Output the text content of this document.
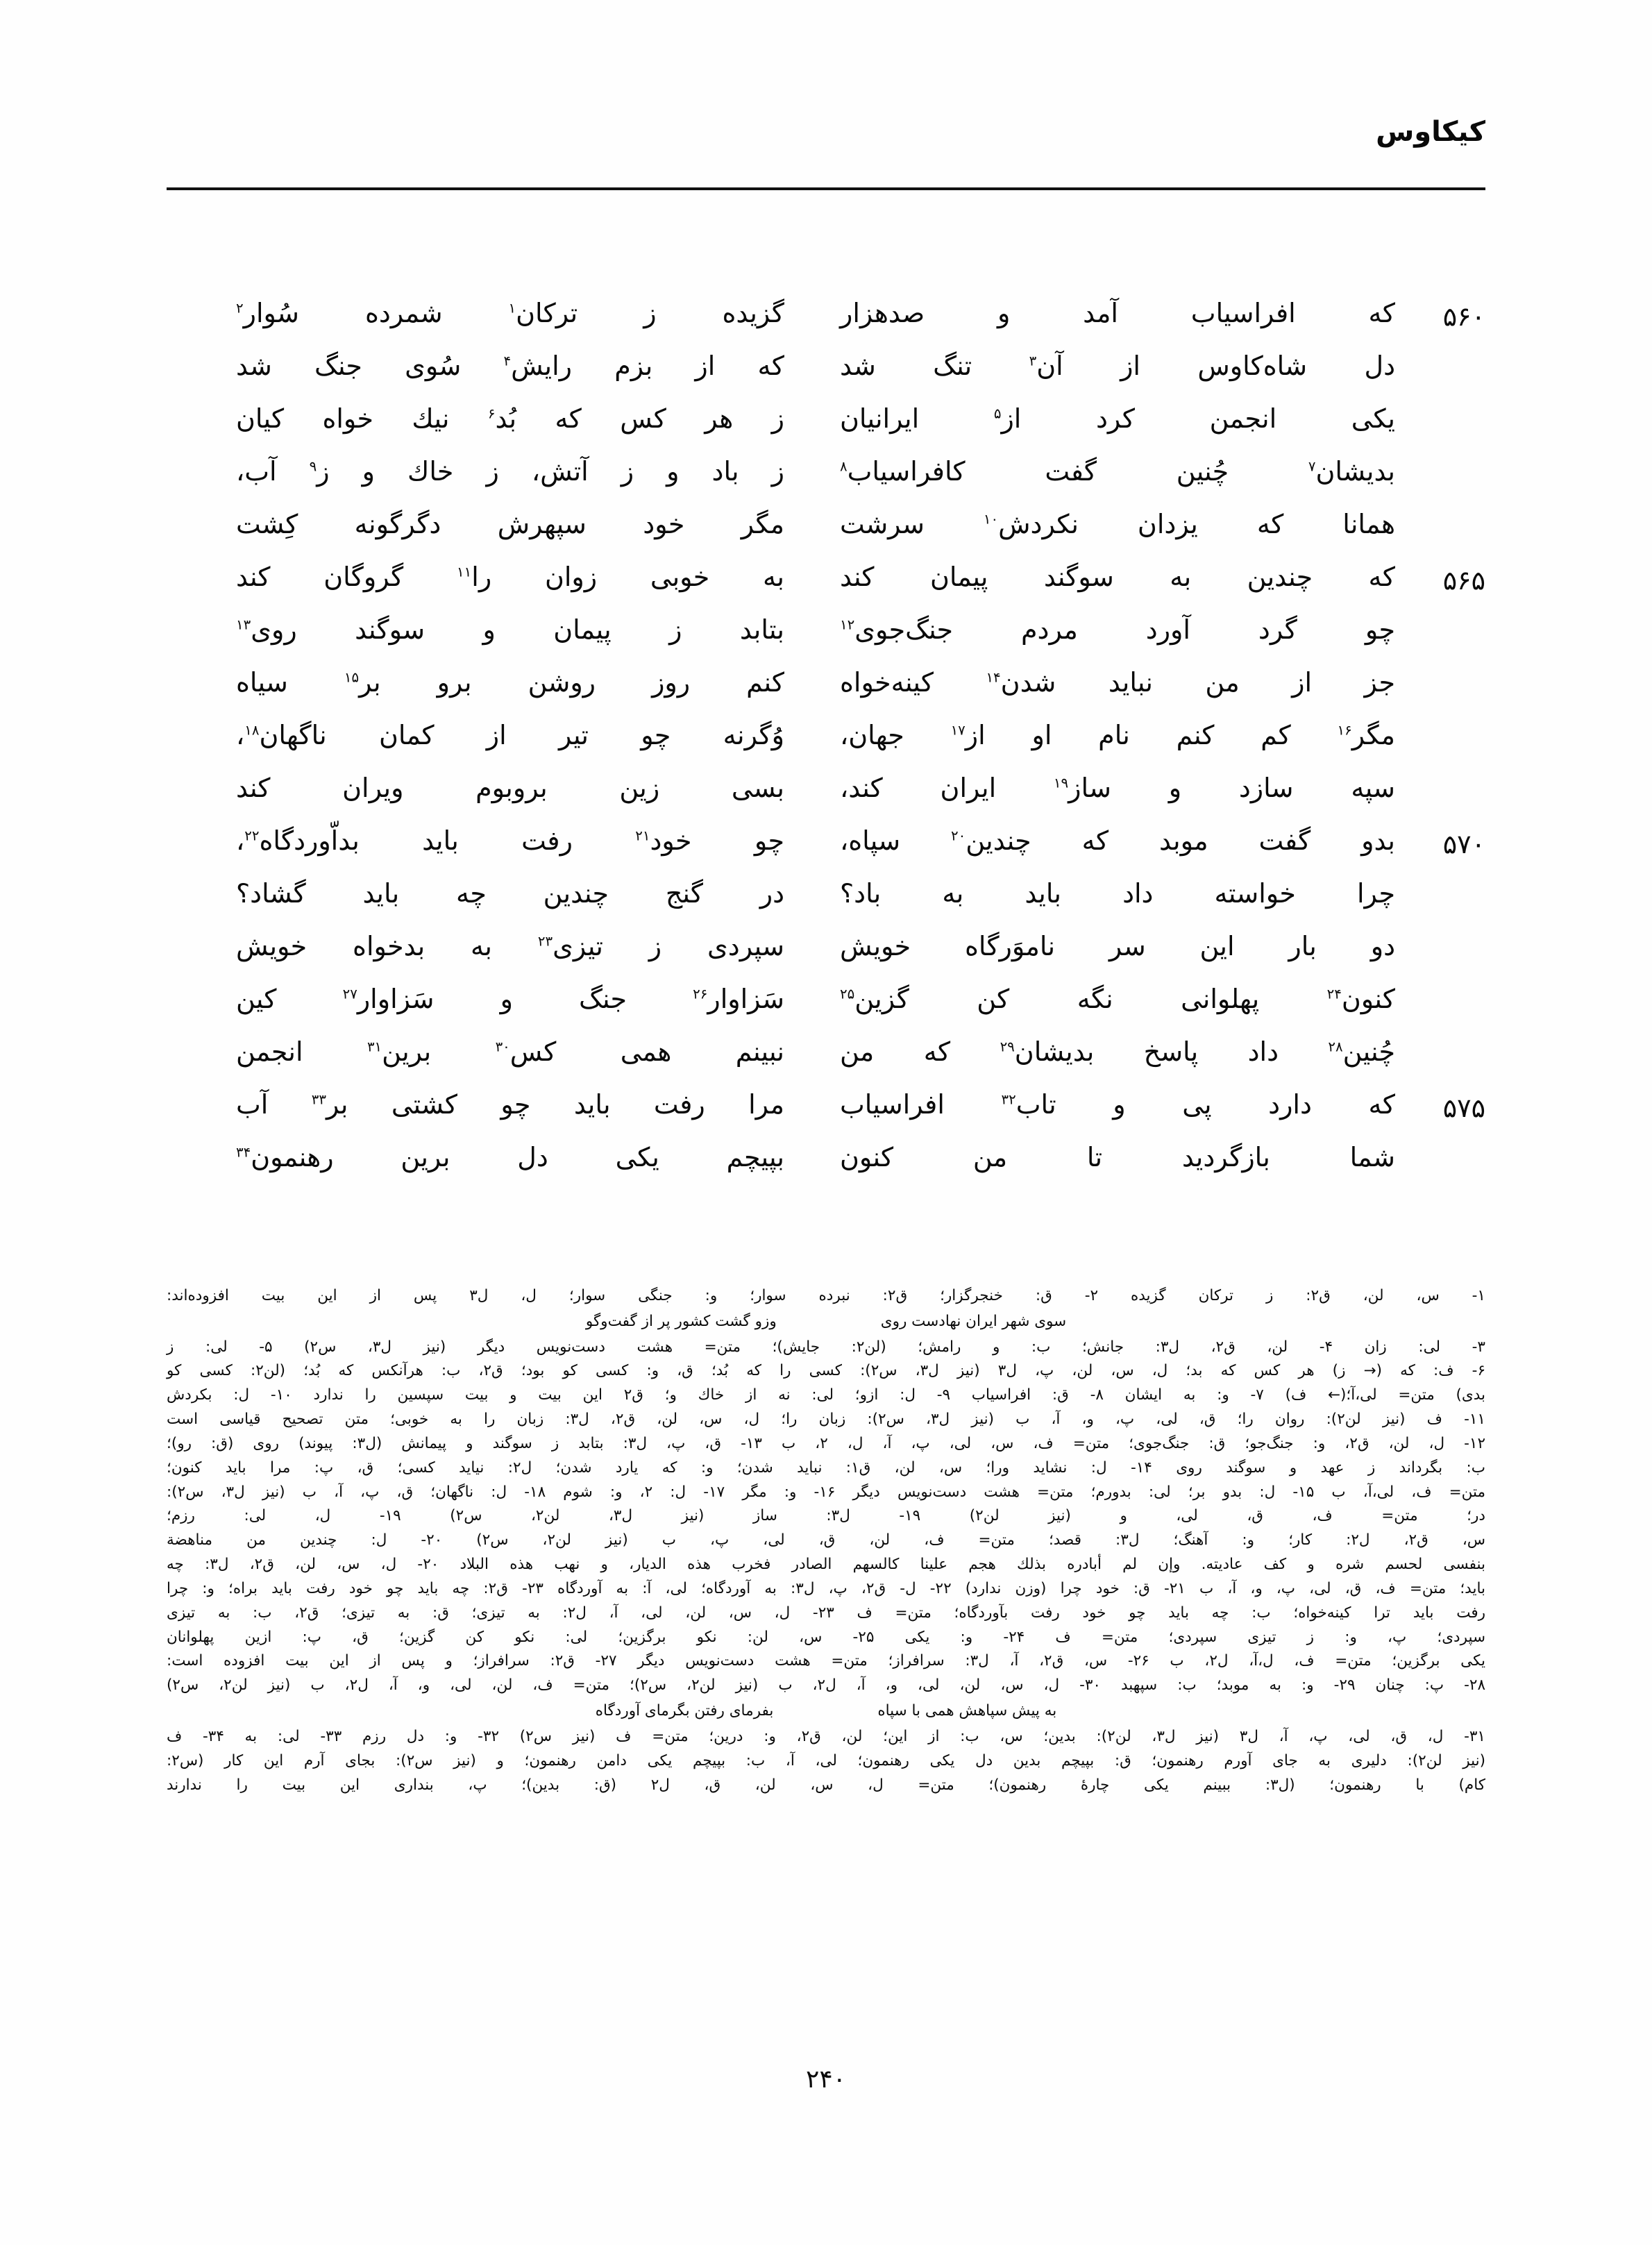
کیکاوس
۵۶۰
که افراسیاب آمد و صدهزار
گزیده ز ترکان$^۱$ شمرده سُوار$^۲$
دل شاه‌کاوس از آن$^۳$ تنگ شد
که از بزم رایش$^۴$ سُوی جنگ شد
یکی انجمن کرد از$^۵$ ایرانیان
ز هر کس که بُد$^۶$ نیك خواه کیان
بدیشان$^۷$ چُنین گفت کافراسیاب$^۸$
ز باد و ز آتش، ز خاك و ز$^۹$ آب،
همانا که یزدان نکردش$^{۱۰}$ سرشت
مگر خود سپهرش دگرگونه کِشت
۵۶۵
که چندین به سوگند پیمان کند
به خوبی زوان را$^{۱۱}$ گروگان کند
چو گرد آورد مردم جنگ‌جوی$^{۱۲}$
بتابد ز پیمان و سوگند روی$^{۱۳}$
جز از من نباید شدن$^{۱۴}$ کینه‌خواه
کنم روز روشن برو بر$^{۱۵}$ سیاه
مگر$^{۱۶}$ کم کنم نام او از$^{۱۷}$ جهان،
وُگرنه چو تیر از کمان ناگهان$^{۱۸}$،
سپه سازد و ساز$^{۱۹}$ ایران کند،
بسی زین بروبوم ویران کند
۵۷۰
بدو گفت موبد که چندین$^{۲۰}$ سپاه،
چو خود$^{۲۱}$ رفت باید بداّوردگاه$^{۲۲}$،
چرا خواسته داد باید به باد؟
در گنج چندین چه باید گشاد؟
دو بار این سر ناموَرگاه خویش
سپردی ز تیزی$^{۲۳}$ به بدخواه خویش
کنون$^{۲۴}$ پهلوانی نگه کن گزین$^{۲۵}$
سَزاوار$^{۲۶}$ جنگ و سَزاوار$^{۲۷}$ کین
چُنین$^{۲۸}$ داد پاسخ بدیشان$^{۲۹}$ که من
نبینم همی کس$^{۳۰}$ برین$^{۳۱}$ انجمن
۵۷۵
که دارد پی و تاب$^{۳۲}$ افراسیاب
مرا رفت باید چو کشتی بر$^{۳۳}$ آب
شما بازگردید تا من کنون
بپیچم یکی دل برین رهنمون$^{۳۴}$
۱- س، لن، ق۲: ز ترکان گزیده ۲- ق: خنجرگزار؛ ق۲: نبرده سوار؛ و: جنگی سوار؛ ل، ل۳ پس از این بیت افزوده‌اند:
سوی شهر ایران نهادست روی
وزو گشت کشور پر از گفت‌وگو
۳- لی: زان ۴- لن، ق۲، ل۳: جانش؛ ب: و رامش؛ (لن۲: جایش)؛ متن= هشت دست‌نویس دیگر (نیز ل۳، س۲) ۵- لی: ز
۶- ف: که (→ ز) هر کس که بد؛ ل، س، لن، پ، ل۳ (نیز ل۳، س۲): کسی را که بُد؛ ق، و: کسی کو بود؛ ق۲، ب: هرآنکس که بُد؛ (لن۲: کسی کو
بدی) متن= لی،آ؛(← ف) ۷- و: به ایشان ۸- ق: افراسیاب ۹- ل: ازو؛ لی: نه از خاك و؛ ق۲ این بیت و بیت سپسین را ندارد ۱۰- ل: بکردش
۱۱- ف (نیز لن۲): روان را؛ ق، لی، پ، و، آ، ب (نیز ل۳، س۲): زبان را؛ ل، س، لن، ق۲، ل۳: زبان را به خوبی؛ متن تصحیح قیاسی است
۱۲- ل، لن، ق۲، و: جنگ‌جو؛ ق: جنگ‌جوی؛ متن= ف، س، لی، پ، آ، ل، ۲، ب ۱۳- ق، پ، ل۳: بتابد ز سوگند و پیمانش (ل۳: پیوند) روی (ق: رو)؛
ب: بگرداند ز عهد و سوگند روی ۱۴- ل: نشاید ورا؛ س، لن، ق۱: نباید شدن؛ و: که یارد شدن؛ ل۲: نیاید کسی؛ ق، پ: مرا باید کنون؛
متن= ف، لی،آ، ب ۱۵- ل: بدو بر؛ لی: بدورم؛ متن= هشت دست‌نویس دیگر ۱۶- و: مگر ۱۷- ل: ۲، و: شوم ۱۸- ل: ناگهان؛ ق، پ، آ، ب (نیز ل۳، س۲):
در؛ متن= ف، ق، لی، و (نیز لن۲) ۱۹- ل۳: ساز (نیز ل۳، لن۲، س۲) ۱۹- ل، لی: رزم؛
س، ق۲، ل۲: کار؛ و: آهنگ؛ ل۳: قصد؛ متن= ف، لن، ق، لی، پ، ب (نیز لن۲، س۲) ۲۰- ل: چندین من مناهضة
بنفسی لحسم شره و کف عادیته. وإن لم أبادره بذلك هجم علینا کالسهم الصادر فخرب هذه الدیار، و نهب هذه البلاد ۲۰- ل، س، لن، ق۲، ل۳: چه
باید؛ متن= ف، ق، لی، پ، و، آ، ب ۲۱- ق: خود چرا (وزن ندارد) ۲۲- ل- ق۲، پ، ل۳: به آوردگاه؛ لی، آ: به آوردگاه ۲۳- ق۲: چه باید چو خود رفت باید براه؛ و: چرا
رفت باید ترا کینه‌خواه؛ ب: چه باید چو خود رفت بآوردگاه؛ متن= ف ۲۳- ل، س، لن، لی، آ، ل۲: به تیزی؛ ق: به تیزی؛ ق۲، ب: به تیزی
سپردی؛ پ، و: ز تیزی سپردی؛ متن= ف ۲۴- و: یکی ۲۵- س، لن: نکو برگزین؛ لی: نکو کن گزین؛ ق، پ: ازین پهلوانان
یکی برگزین؛ متن= ف، ل،آ، ل۲، ب ۲۶- س، ق۲، آ، ل۳: سرافراز؛ متن= هشت دست‌نویس دیگر ۲۷- ق۲: سرافراز؛ و پس از این بیت افزوده است:
۲۸- پ: چنان ۲۹- و: به موبد؛ ب: سپهبد ۳۰- ل، س، لن، لی، و، آ، ل۲، ب (نیز لن۲، س۲)؛ متن= ف، لن، لی، و، آ، ل۲، ب (نیز لن۲، س۲)
به پیش سپاهش همی با سپاه
بفرمای رفتن بگرمای آوردگاه
۳۱- ل، ق، لی، پ، آ، ل۳ (نیز ل۳، لن۲): بدین؛ س، ب: از این؛ لن، ق۲، و: درین؛ متن= ف (نیز س۲) ۳۲- و: دل رزم ۳۳- لی: به ۳۴- ف
(نیز لن۲): دلیری به جای آورم رهنمون؛ ق: بپیچم بدین دل یکی رهنمون؛ لی، آ، ب: بپیچم یکی دامن رهنمون؛ و (نیز س۲): بجای آرم این کار (س۲:
کام) با رهنمون؛ (ل۳: ببینم یکی چارهٔ رهنمون)؛ متن= ل، س، لن، ق، ل۲ (ق: بدین)؛ پ، بنداری این بیت را ندارند
۲۴۰
